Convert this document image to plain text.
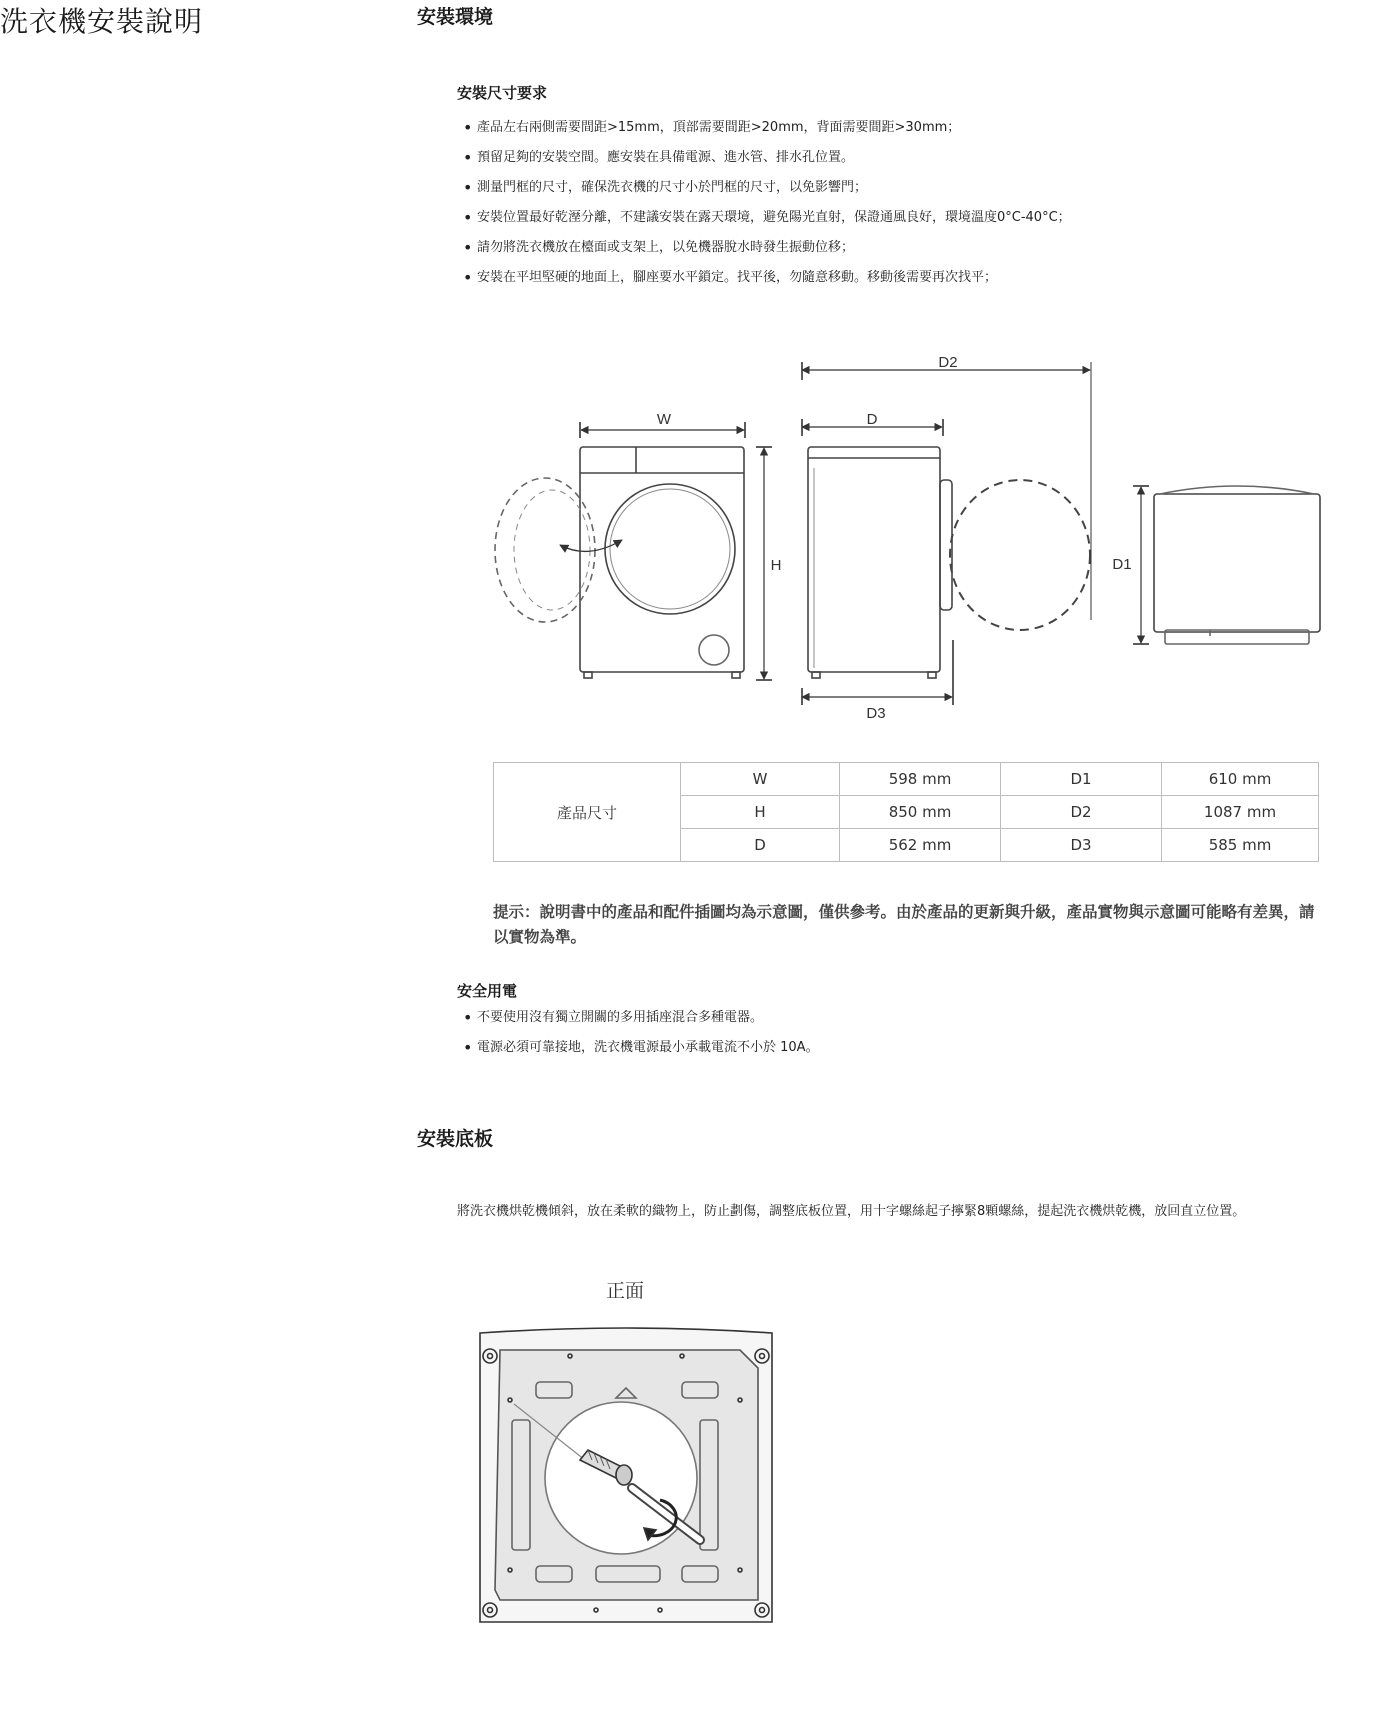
洗衣機安裝說明	安裝環境
安裝尺寸要求
• 產品左右兩側需要間距>15mm，頂部需要間距>20mm，背面需要間距>30mm；
• 預留足夠的安裝空間。應安裝在具備電源、進水管、排水孔位置。
• 測量門框的尺寸，確保洗衣機的尺寸小於門框的尺寸，以免影響門；
• 安裝位置最好乾溼分離，不建議安裝在露天環境，避免陽光直射，保證通風良好，環境溫度0°C-40°C；
• 請勿將洗衣機放在檯面或支架上，以免機器脫水時發生振動位移；
• 安裝在平坦堅硬的地面上，腳座要水平鎖定。找平後，勿隨意移動。移動後需要再次找平；
W
H
D
D2
D3
D1
產品尺寸	W	598 mm	D1	610 mm
	H	850 mm	D2	1087 mm
	D	562 mm	D3	585 mm
提示：說明書中的產品和配件插圖均為示意圖，僅供參考。由於產品的更新與升級，產品實物與示意圖可能略有差異，請以實物為準。
安全用電
• 不要使用沒有獨立開關的多用插座混合多種電器。
• 電源必須可靠接地，洗衣機電源最小承載電流不小於 10A。
安裝底板
將洗衣機烘乾機傾斜，放在柔軟的織物上，防止劃傷，調整底板位置，用十字螺絲起子擰緊8顆螺絲，提起洗衣機烘乾機，放回直立位置。
正面
